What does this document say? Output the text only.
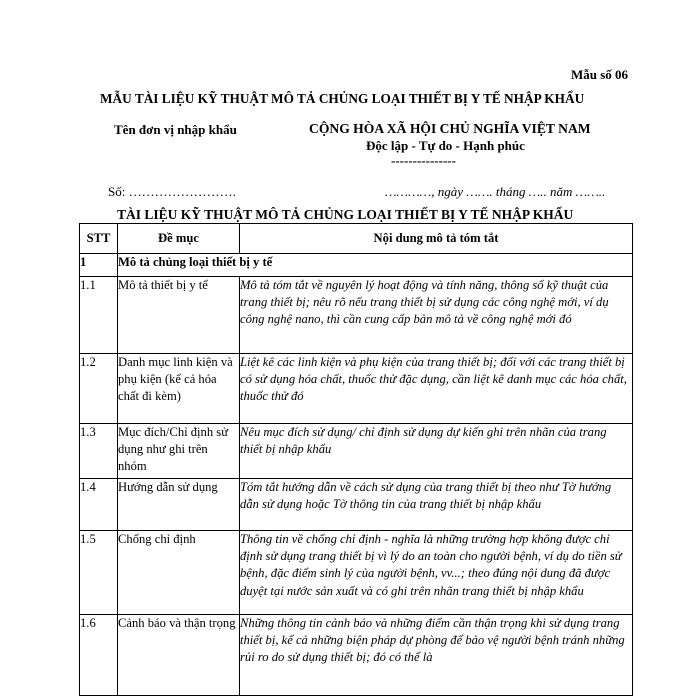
Mẫu số 06
MẪU TÀI LIỆU KỸ THUẬT MÔ TẢ CHỦNG LOẠI THIẾT BỊ Y TẾ NHẬP KHẨU
Tên đơn vị nhập khẩu	CỘNG HÒA XÃ HỘI CHỦ NGHĨA VIỆT NAM
Độc lập - Tự do - Hạnh phúc
---------------
Số: …………………….	…………, ngày ……. tháng ….. năm ……..
TÀI LIỆU KỸ THUẬT MÔ TẢ CHỦNG LOẠI THIẾT BỊ Y TẾ NHẬP KHẨU
STT	Đề mục	Nội dung mô tả tóm tắt
1	Mô tả chủng loại thiết bị y tế	
1.1	Mô tả thiết bị y tế	Mô tả tóm tắt về nguyên lý hoạt động và tính năng, thông số kỹ thuật của trang thiết bị; nêu rõ nếu trang thiết bị sử dụng các công nghệ mới, ví dụ công nghệ nano, thì cần cung cấp bản mô tả về công nghệ mới đó
1.2	Danh mục linh kiện và phụ kiện (kể cả hóa chất đi kèm)	Liệt kê các linh kiện và phụ kiện của trang thiết bị; đối với các trang thiết bị có sử dụng hóa chất, thuốc thử đặc dụng, cần liệt kê danh mục các hóa chất, thuốc thử đó
1.3	Mục đích/Chỉ định sử dụng như ghi trên nhóm	Nêu mục đích sử dụng/ chỉ định sử dụng dự kiến ghi trên nhãn của trang thiết bị nhập khẩu
1.4	Hướng dẫn sử dụng	Tóm tắt hướng dẫn về cách sử dụng của trang thiết bị theo như Tờ hướng dẫn sử dụng hoặc Tờ thông tin của trang thiết bị nhập khẩu
1.5	Chống chỉ định	Thông tin về chống chỉ định - nghĩa là những trường hợp không được chỉ định sử dụng trang thiết bị vì lý do an toàn cho người bệnh, ví dụ do tiền sử bệnh, đặc điểm sinh lý của người bệnh, vv...; theo đúng nội dung đã được duyệt tại nước sản xuất và có ghi trên nhãn trang thiết bị nhập khẩu
1.6	Cảnh báo và thận trọng	Những thông tin cảnh báo và những điểm cần thận trọng khi sử dụng trang thiết bị, kể cả những biện pháp dự phòng để bảo vệ người bệnh tránh những rủi ro do sử dụng thiết bị; đó có thể là
